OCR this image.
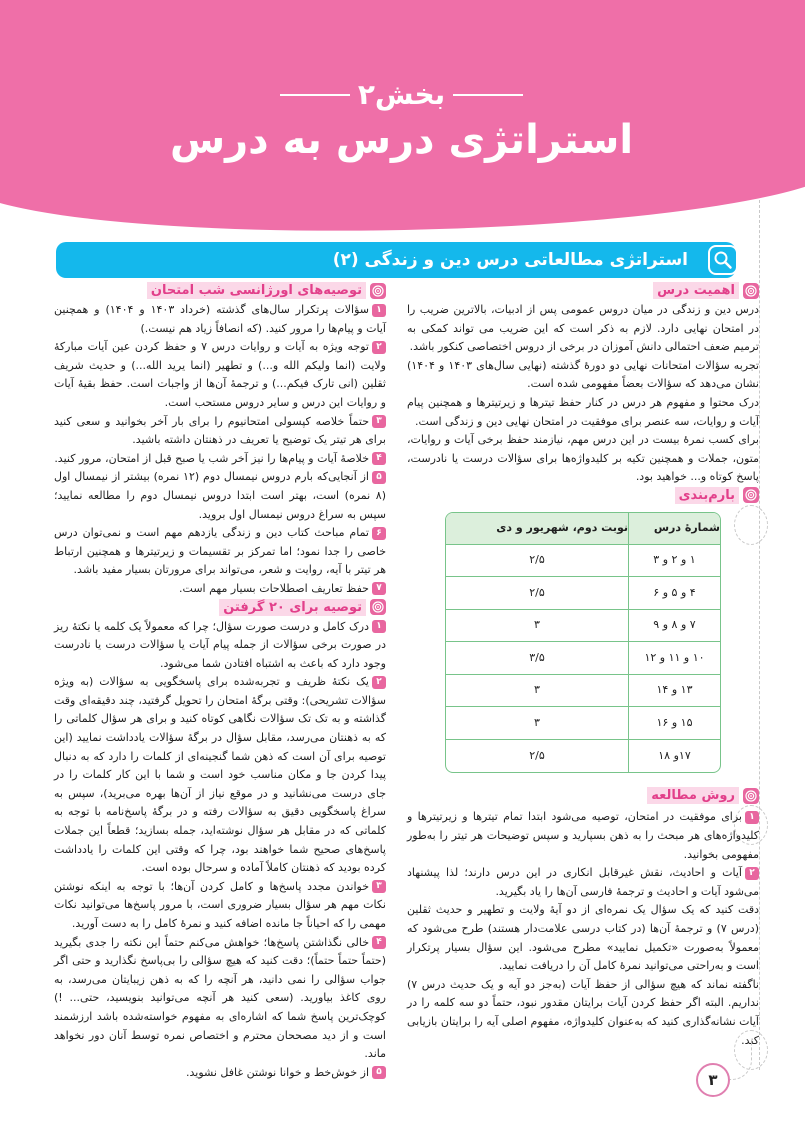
بخش۲
استراتژی درس به درس
استراتژی مطالعاتی درس دین و زندگی (۲)
اهمیت درس

درس دین و زندگی در میان دروس عمومی پس از ادبیات، بالاترین ضریب را در امتحان نهایی دارد. لازم به ذکر است که این ضریب می تواند کمکی به ترمیم ضعف احتمالی دانش آموزان در برخی از دروس اختصاصی کنکور باشد.

تجربه سؤالات امتحانات نهایی دو دورهٔ گذشته (نهایی سال‌های ۱۴۰۳ و ۱۴۰۴) نشان می‌دهد که سؤالات بعضاً مفهومی شده است.

درک محتوا و مفهوم هر درس در کنار حفظ تیترها و زیرتیترها و همچنین پیام آیات و روایات، سه عنصر برای موفقیت در امتحان نهایی دین و زندگی است.

برای کسب نمرهٔ بیست در این درس مهم، نیازمند حفظ برخی آیات و روایات، متون، جملات و همچنین تکیه بر کلیدواژه‌ها برای سؤالات درست یا نادرست، پاسخ کوتاه و... خواهید بود.

بارم‌بندی
شمارهٔ درس	نوبت دوم، شهریور و دی
۱ و ۲ و ۳	۲/۵
۴ و ۵ و ۶	۲/۵
۷ و ۸ و ۹	۳
۱۰ و ۱۱ و ۱۲	۳/۵
۱۳ و ۱۴	۳
۱۵ و ۱۶	۳
۱۷و ۱۸	۲/۵
روش مطالعه

۱برای موفقیت در امتحان، توصیه می‌شود ابتدا تمام تیترها و زیرتیترها و کلیدواژه‌های هر مبحث را به ذهن بسپارید و سپس توضیحات هر تیتر را به‌طور مفهومی بخوانید.

۲آیات و احادیث، نقش غیرقابل انکاری در این درس دارند؛ لذا پیشنهاد می‌شود آیات و احادیث و ترجمهٔ فارسی آن‌ها را یاد بگیرید.

دقت کنید که یک سؤال یک نمره‌ای از دو آیهٔ ولایت و تطهیر و حدیث ثقلین (درس ۷) و ترجمهٔ آن‌ها (در کتاب درسی علامت‌دار هستند) طرح می‌شود که معمولاً به‌صورت «تکمیل نمایید» مطرح می‌شود. این سؤال بسیار پرتکرار است و به‌راحتی می‌توانید نمرهٔ کامل آن را دریافت نمایید.

ناگفته نماند که هیچ سؤالی از حفظ آیات (به‌جز دو آیه و یک حدیث درس ۷) نداریم. البته اگر حفظ کردن آیات برایتان مقدور نبود، حتماً دو سه کلمه را در آیات نشانه‌گذاری کنید که به‌عنوان کلیدواژه، مفهوم اصلی آیه را برایتان بازیابی کند.

توصیه‌های اورژانسی شب امتحان

۱سؤالات پرتکرار سال‌های گذشته (خرداد ۱۴۰۳ و ۱۴۰۴) و همچنین آیات و پیام‌ها را مرور کنید. (که انصافاً زیاد هم نیست.)

۲توجه ویژه به آیات و روایات درس ۷ و حفظ کردن عین آیات مبارکهٔ ولایت (انما ولیکم الله و...) و تطهیر (انما یرید الله...) و حدیث شریف ثقلین (انی تارک فیکم...) و ترجمهٔ آن‌ها از واجبات است. حفظ بقیهٔ آیات و روایات این درس و سایر دروس مستحب است.

۳حتماً خلاصه کپسولی امتحانیوم را برای بار آخر بخوانید و سعی کنید برای هر تیتر یک توضیح یا تعریف در ذهنتان داشته باشید.

۴خلاصهٔ آیات و پیام‌ها را نیز آخر شب یا صبح قبل از امتحان، مرور کنید.

۵از آنجایی‌که بارم دروس نیمسال دوم (۱۲ نمره) بیشتر از نیمسال اول (۸ نمره) است، بهتر است ابتدا دروس نیمسال دوم را مطالعه نمایید؛ سپس به سراغ دروس نیمسال اول بروید.

۶تمام مباحث کتاب دین و زندگی یازدهم مهم است و نمی‌توان درس خاصی را جدا نمود؛ اما تمرکز بر تقسیمات و زیرتیترها و همچنین ارتباط هر تیتر با آیه، روایت و شعر، می‌تواند برای مرورتان بسیار مفید باشد.

۷حفظ تعاریف اصطلاحات بسیار مهم است.

توصیه برای ۲۰ گرفتن

۱درک کامل و درست صورت سؤال؛ چرا که معمولاً یک کلمه یا نکتهٔ ریز در صورت برخی سؤالات از جمله پیام آیات یا سؤالات درست یا نادرست وجود دارد که باعث به اشتباه افتادن شما می‌شود.

۲یک نکتهٔ ظریف و تجربه‌شده برای پاسخگویی به سؤالات (به ویژه سؤالات تشریحی): وقتی برگهٔ امتحان را تحویل گرفتید، چند دقیقه‌ای وقت گذاشته و به تک تک سؤالات نگاهی کوتاه کنید و برای هر سؤال کلماتی را که به ذهنتان می‌رسد، مقابل سؤال در برگهٔ سؤالات یادداشت نمایید (این توصیه برای آن است که ذهن شما گنجینه‌ای از کلمات را دارد که به دنبال پیدا کردن جا و مکان مناسب خود است و شما با این کار کلمات را در جای درست می‌نشانید و در موقع نیاز از آن‌ها بهره می‌برید)، سپس به سراغ پاسخگویی دقیق به سؤالات رفته و در برگهٔ پاسخ‌نامه با توجه به کلماتی که در مقابل هر سؤال نوشته‌اید، جمله بسازید؛ قطعاً این جملات پاسخ‌های صحیح شما خواهند بود، چرا که وقتی این کلمات را یادداشت کرده بودید که ذهنتان کاملاً آماده و سرحال بوده است.

۳خواندن مجدد پاسخ‌ها و کامل کردن آن‌ها؛ با توجه به اینکه نوشتن نکات مهم هر سؤال بسیار ضروری است، با مرور پاسخ‌ها می‌توانید نکات مهمی را که احیاناً جا مانده اضافه کنید و نمرهٔ کامل را به دست آورید.

۴خالی نگذاشتن پاسخ‌ها؛ خواهش می‌کنم حتماً این نکته را جدی بگیرید (حتماً حتماً حتماً)؛ دقت کنید که هیچ سؤالی را بی‌پاسخ نگذارید و حتی اگر جواب سؤالی را نمی دانید، هر آنچه را که به ذهن زیبایتان می‌رسد، به روی کاغذ بیاورید. (سعی کنید هر آنچه می‌توانید بنویسید، حتی... !) کوچک‌ترین پاسخ شما که اشاره‌ای به مفهوم خواسته‌شده باشد ارزشمند است و از دید مصححان محترم و اختصاص نمره توسط آنان دور نخواهد ماند.

۵از خوش‌خط و خوانا نوشتن غافل نشوید.	۳
